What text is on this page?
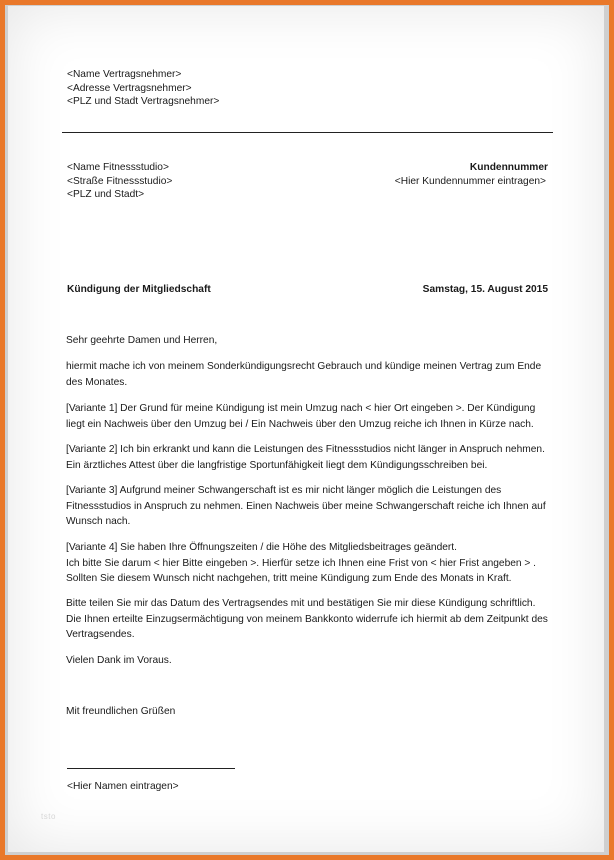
<Name Vertragsnehmer>
<Adresse Vertragsnehmer>
<PLZ und Stadt Vertragsnehmer>
<Name Fitnessstudio>
<Straße Fitnessstudio>
<PLZ und Stadt>
Kundennummer
<Hier Kundennummer eintragen>
Kündigung der Mitgliedschaft	Samstag, 15. August 2015
Sehr geehrte Damen und Herren,
hiermit mache ich von meinem Sonderkündigungsrecht Gebrauch und kündige meinen Vertrag zum Ende
des Monates.
[Variante 1] Der Grund für meine Kündigung ist mein Umzug nach < hier Ort eingeben >. Der Kündigung
liegt ein Nachweis über den Umzug bei / Ein Nachweis über den Umzug reiche ich Ihnen in Kürze nach.
[Variante 2] Ich bin erkrankt und kann die Leistungen des Fitnessstudios nicht länger in Anspruch nehmen.
Ein ärztliches Attest über die langfristige Sportunfähigkeit liegt dem Kündigungsschreiben bei.
[Variante 3] Aufgrund meiner Schwangerschaft ist es mir nicht länger möglich die Leistungen des
Fitnessstudios in Anspruch zu nehmen. Einen Nachweis über meine Schwangerschaft reiche ich Ihnen auf
Wunsch nach.
[Variante 4] Sie haben Ihre Öffnungszeiten / die Höhe des Mitgliedsbeitrages geändert.
Ich bitte Sie darum < hier Bitte eingeben >. Hierfür setze ich Ihnen eine Frist von < hier Frist angeben > .
Sollten Sie diesem Wunsch nicht nachgehen, tritt meine Kündigung zum Ende des Monats in Kraft.
Bitte teilen Sie mir das Datum des Vertragsendes mit und bestätigen Sie mir diese Kündigung schriftlich.
Die Ihnen erteilte Einzugsermächtigung von meinem Bankkonto widerrufe ich hiermit ab dem Zeitpunkt des
Vertragsendes.
Vielen Dank im Voraus.
Mit freundlichen Grüßen
<Hier Namen eintragen>
tsto
